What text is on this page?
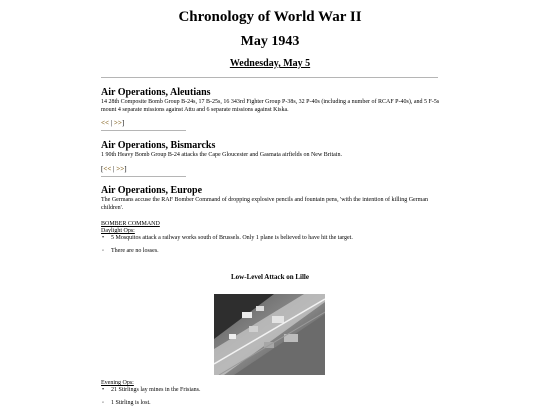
Chronology of World War II
May 1943
Wednesday, May 5
Air Operations, Aleutians
14 28th Composite Bomb Group B-24s, 17 B-25s, 16 343rd Fighter Group P-38s, 32 P-40s (including a number of RCAF P-40s), and 5 F-5s mount 4 separate missions against Attu and 6 separate missions against Kiska.
<< | >>]
Air Operations, Bismarcks
1 90th Heavy Bomb Group B-24 attacks the Cape Gloucester and Gasmata airfields on New Britain.
[<< | >>]
Air Operations, Europe
The Germans accuse the RAF Bomber Command of dropping explosive pencils and fountain pens, 'with the intention of killing German children'.
BOMBER COMMAND
Daylight Ops:
• 5 Mosquitos attack a railway works south of Brussels. Only 1 plane is believed to have hit the target.
◦ There are no losses.
Low-Level Attack on Lille
Evening Ops:
• 21 Stirlings lay mines in the Frisians.
◦ 1 Stirling is lost.
